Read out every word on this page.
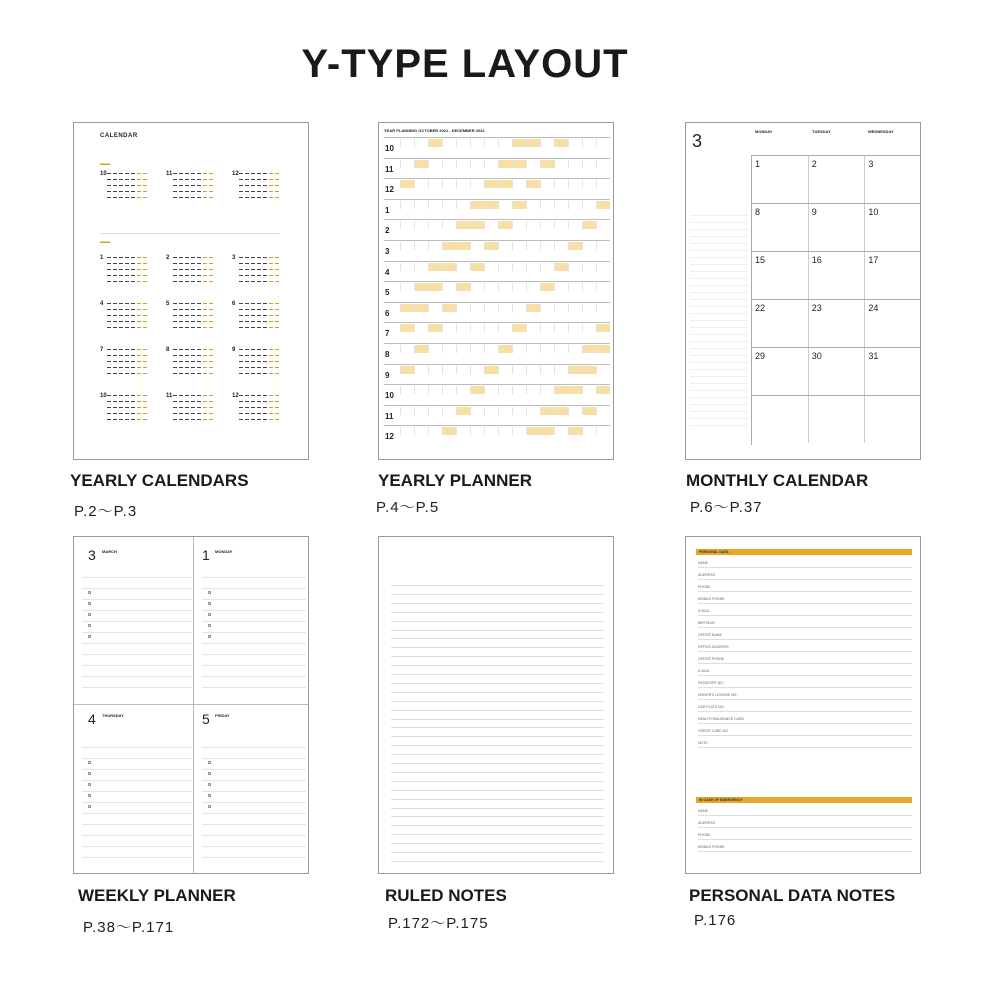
Y-TYPE LAYOUT
CALENDAR
▬▬
10	11	12
▬▬
1	2	3
4	5	6
7	8	9
10	11	12
YEARLY CALENDARS
P.2～P.3
YEAR PLANNING OCTOBER 2021 - DECEMBER 2022
10
11
12
1
2
3
4
5
6
7
8
9
10
11
12
YEARLY PLANNER
P.4～P.5
3	MONDAY	TUESDAY	WEDNESDAY
1	2	3
8	9	10
15	16	17
22	23	24
29	30	31
MONTHLY CALENDAR
P.6～P.37
3 MARCH	1 MONDAY
4 THURSDAY	5 FRIDAY
WEEKLY PLANNER
P.38～P.171
RULED NOTES
P.172～P.175
PERSONAL DATA
NAME
ADDRESS
PHONE
MOBILE PHONE
E-MAIL
BIRTHDAY
OFFICE NAME
OFFICE ADDRESS
OFFICE PHONE
E-MAIL
PASSPORT NO.
DRIVER'S LICENSE NO.
CAR PLATE NO.
HEALTH INSURANCE CARD
CREDIT CARD NO.
NOTE
IN CASE OF EMERGENCY
NAME
ADDRESS
PHONE
MOBILE PHONE
PERSONAL DATA NOTES
P.176
